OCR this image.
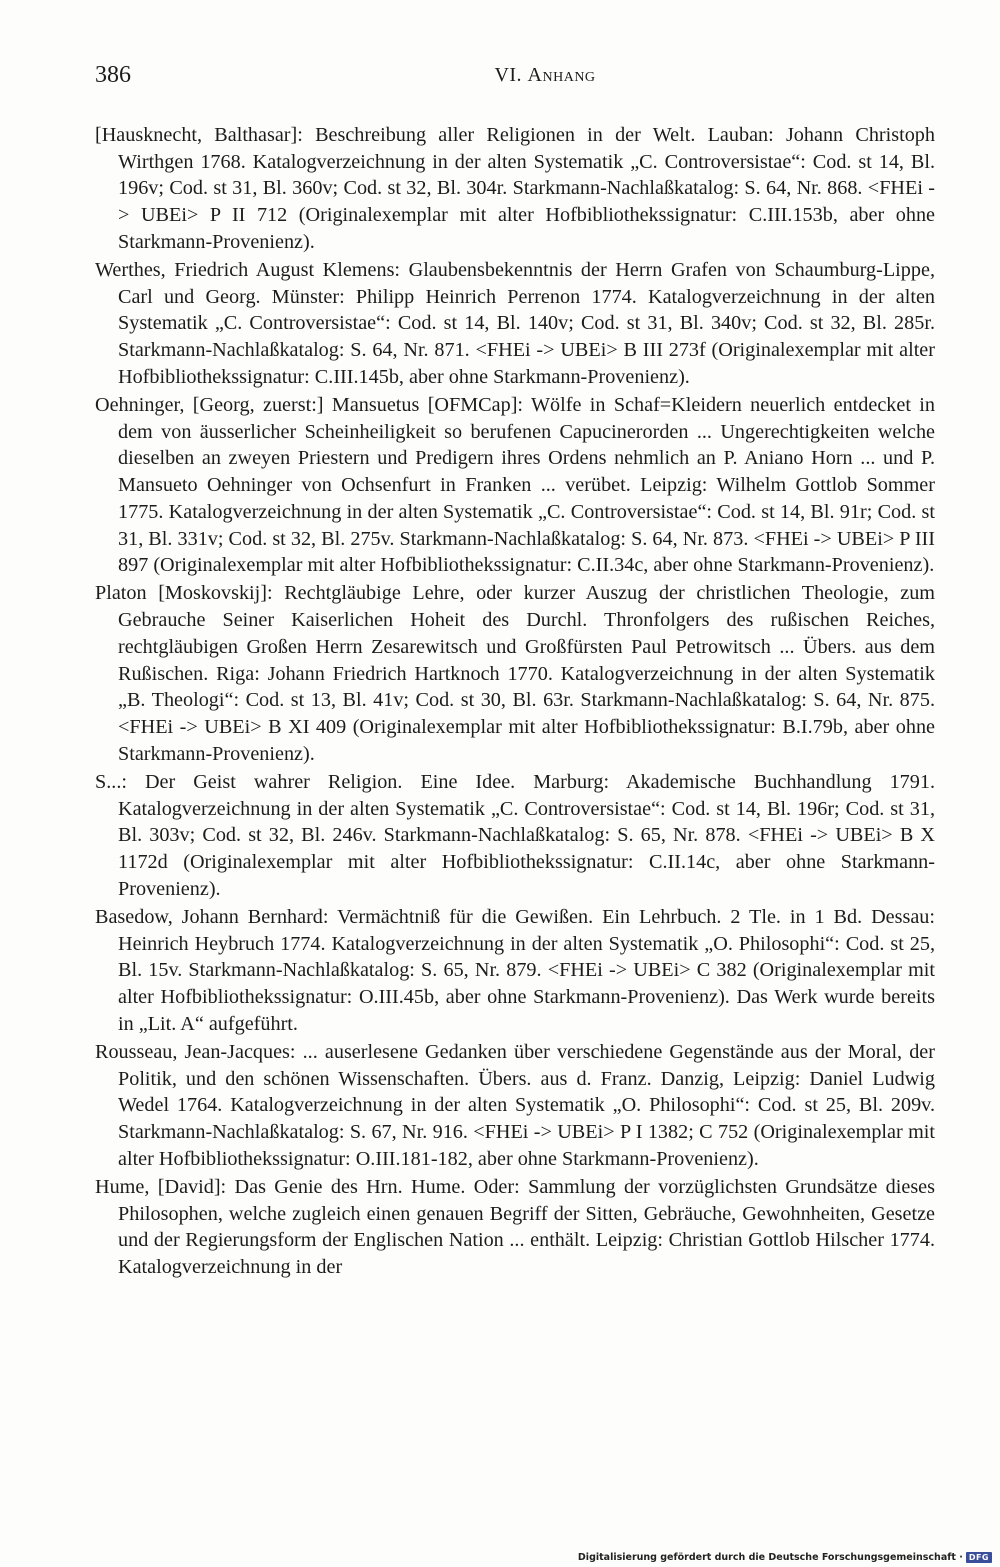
386	VI. Anhang

[Hausknecht, Balthasar]: Beschreibung aller Religionen in der Welt. Lauban: Johann Christoph Wirthgen 1768. Katalogverzeichnung in der alten Systematik „C. Controversistae“: Cod. st 14, Bl. 196v; Cod. st 31, Bl. 360v; Cod. st 32, Bl. 304r. Starkmann-Nachlaßkatalog: S. 64, Nr. 868. <FHEi -> UBEi> P II 712 (Originalexemplar mit alter Hofbibliothekssignatur: C.III.153b, aber ohne Starkmann-Provenienz).

Werthes, Friedrich August Klemens: Glaubensbekenntnis der Herrn Grafen von Schaumburg-Lippe, Carl und Georg. Münster: Philipp Heinrich Perrenon 1774. Katalogverzeichnung in der alten Systematik „C. Controversistae“: Cod. st 14, Bl. 140v; Cod. st 31, Bl. 340v; Cod. st 32, Bl. 285r. Starkmann-Nachlaßkatalog: S. 64, Nr. 871. <FHEi -> UBEi> B III 273f (Originalexemplar mit alter Hofbibliothekssignatur: C.III.145b, aber ohne Starkmann-Provenienz).

Oehninger, [Georg, zuerst:] Mansuetus [OFMCap]: Wölfe in Schaf=Kleidern neuerlich entdecket in dem von äusserlicher Scheinheiligkeit so berufenen Capucinerorden ... Ungerechtigkeiten welche dieselben an zweyen Priestern und Predigern ihres Ordens nehmlich an P. Aniano Horn ... und P. Mansueto Oehninger von Ochsenfurt in Franken ... verübet. Leipzig: Wilhelm Gottlob Sommer 1775. Katalogverzeichnung in der alten Systematik „C. Controversistae“: Cod. st 14, Bl. 91r; Cod. st 31, Bl. 331v; Cod. st 32, Bl. 275v. Starkmann-Nachlaßkatalog: S. 64, Nr. 873. <FHEi -> UBEi> P III 897 (Originalexemplar mit alter Hofbibliothekssignatur: C.II.34c, aber ohne Starkmann-Provenienz).

Platon [Moskovskij]: Rechtgläubige Lehre, oder kurzer Auszug der christlichen Theologie, zum Gebrauche Seiner Kaiserlichen Hoheit des Durchl. Thronfolgers des rußischen Reiches, rechtgläubigen Großen Herrn Zesarewitsch und Großfürsten Paul Petrowitsch ... Übers. aus dem Rußischen. Riga: Johann Friedrich Hartknoch 1770. Katalogverzeichnung in der alten Systematik „B. Theologi“: Cod. st 13, Bl. 41v; Cod. st 30, Bl. 63r. Starkmann-Nachlaßkatalog: S. 64, Nr. 875. <FHEi -> UBEi> B XI 409 (Originalexemplar mit alter Hofbibliothekssignatur: B.I.79b, aber ohne Starkmann-Provenienz).

S...: Der Geist wahrer Religion. Eine Idee. Marburg: Akademische Buchhandlung 1791. Katalogverzeichnung in der alten Systematik „C. Controversistae“: Cod. st 14, Bl. 196r; Cod. st 31, Bl. 303v; Cod. st 32, Bl. 246v. Starkmann-Nachlaßkatalog: S. 65, Nr. 878. <FHEi -> UBEi> B X 1172d (Originalexemplar mit alter Hofbibliothekssignatur: C.II.14c, aber ohne Starkmann-Provenienz).

Basedow, Johann Bernhard: Vermächtniß für die Gewißen. Ein Lehrbuch. 2 Tle. in 1 Bd. Dessau: Heinrich Heybruch 1774. Katalogverzeichnung in der alten Systematik „O. Philosophi“: Cod. st 25, Bl. 15v. Starkmann-Nachlaßkatalog: S. 65, Nr. 879. <FHEi -> UBEi> C 382 (Originalexemplar mit alter Hofbibliothekssignatur: O.III.45b, aber ohne Starkmann-Provenienz). Das Werk wurde bereits in „Lit. A“ aufgeführt.

Rousseau, Jean-Jacques: ... auserlesene Gedanken über verschiedene Gegenstände aus der Moral, der Politik, und den schönen Wissenschaften. Übers. aus d. Franz. Danzig, Leipzig: Daniel Ludwig Wedel 1764. Katalogverzeichnung in der alten Systematik „O. Philosophi“: Cod. st 25, Bl. 209v. Starkmann-Nachlaßkatalog: S. 67, Nr. 916. <FHEi -> UBEi> P I 1382; C 752 (Originalexemplar mit alter Hofbibliothekssignatur: O.III.181-182, aber ohne Starkmann-Provenienz).

Hume, [David]: Das Genie des Hrn. Hume. Oder: Sammlung der vorzüglichsten Grundsätze dieses Philosophen, welche zugleich einen genauen Begriff der Sitten, Gebräuche, Gewohnheiten, Gesetze und der Regierungsform der Englischen Nation ... enthält. Leipzig: Christian Gottlob Hilscher 1774. Katalogverzeichnung in der

Digitalisierung gefördert durch die Deutsche Forschungsgemeinschaft · DFG
